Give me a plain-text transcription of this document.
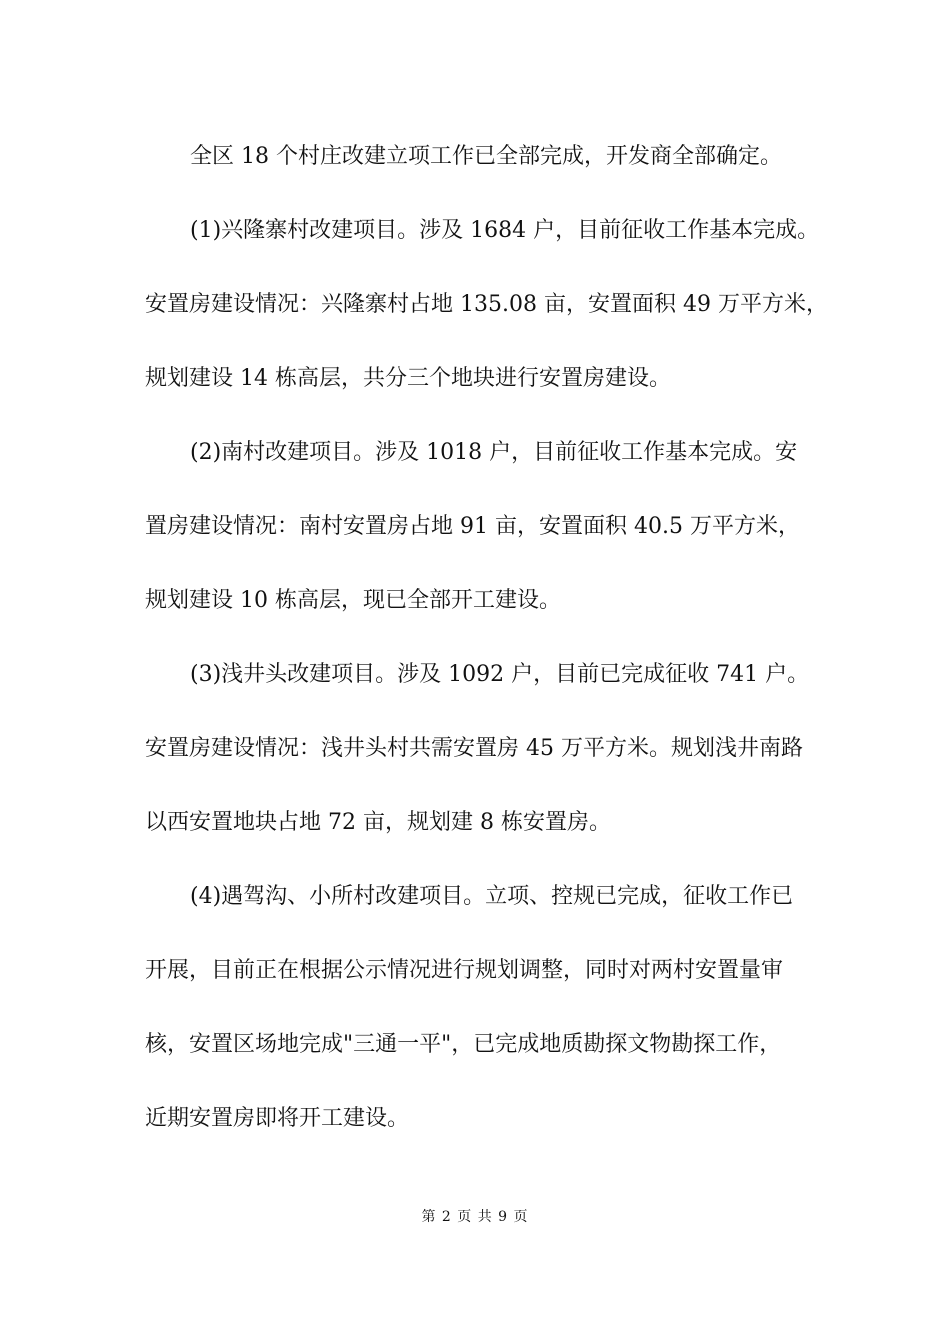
全区 18 个村庄改建立项工作已全部完成，开发商全部确定。
(1)兴隆寨村改建项目。涉及 1684 户，目前征收工作基本完成。
安置房建设情况：兴隆寨村占地 135.08 亩，安置面积 49 万平方米，
规划建设 14 栋高层，共分三个地块进行安置房建设。
(2)南村改建项目。涉及 1018 户，目前征收工作基本完成。安
置房建设情况：南村安置房占地 91 亩，安置面积 40.5 万平方米，
规划建设 10 栋高层，现已全部开工建设。
(3)浅井头改建项目。涉及 1092 户，目前已完成征收 741 户。
安置房建设情况：浅井头村共需安置房 45 万平方米。规划浅井南路
以西安置地块占地 72 亩，规划建 8 栋安置房。
(4)遇驾沟、小所村改建项目。立项、控规已完成，征收工作已
开展，目前正在根据公示情况进行规划调整，同时对两村安置量审
核，安置区场地完成"三通一平"，已完成地质勘探文物勘探工作，
近期安置房即将开工建设。
第 2 页 共 9 页
